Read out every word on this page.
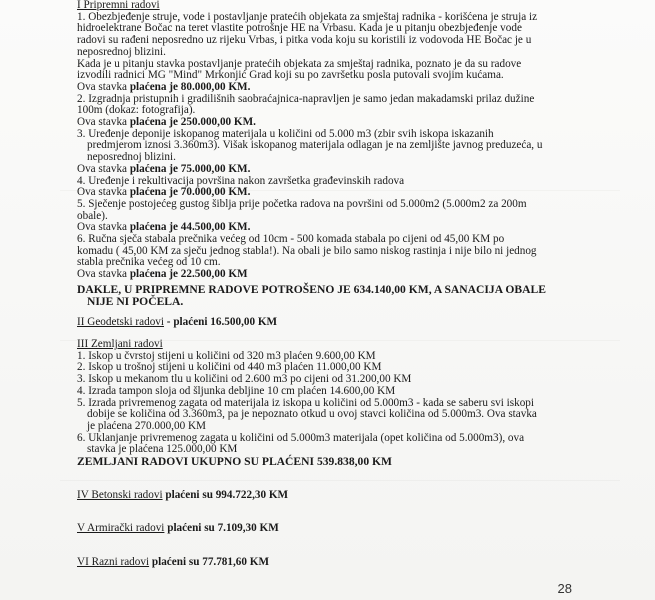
I Pripremni radovi
1. Obezbjeđenje struje, vode i postavljanje pratećih objekata za smještaj radnika - korišćena je struja iz
hidroelektrane Bočac na teret vlastite potrošnje HE na Vrbasu. Kada je u pitanju obezbjeđenje vode
radovi su rađeni neposredno uz rijeku Vrbas, i pitka voda koju su koristili iz vodovoda HE Bočac je u
neposrednoj blizini.
Kada je u pitanju stavka postavljanje pratećih objekata za smještaj radnika, poznato je da su radove
izvodili radnici MG "Mind" Mrkonjić Grad koji su po završetku posla putovali svojim kućama.
Ova stavka plaćena je 80.000,00 KM.
2. Izgradnja pristupnih i gradilišnih saobraćajnica-napravljen je samo jedan makadamski prilaz dužine
100m (dokaz: fotografija).
Ova stavka plaćena je 250.000,00 KM.
3. Uređenje deponije iskopanog materijala u količini od 5.000 m3 (zbir svih iskopa iskazanih
predmjerom iznosi 3.360m3). Višak iskopanog materijala odlagan je na zemljište javnog preduzeća, u
neposrednoj blizini.
Ova stavka plaćena je 75.000,00 KM.
4. Uređenje i rekultivacija površina nakon završetka građevinskih radova
Ova stavka plaćena je 70.000,00 KM.
5. Sječenje postojećeg gustog šiblja prije početka radova na površini od 5.000m2 (5.000m2 za 200m
obale).
Ova stavka plaćena je 44.500,00 KM.
6. Ručna sječa stabala prečnika većeg od 10cm - 500 komada stabala po cijeni od 45,00 KM po
komadu ( 45,00 KM za sječu jednog stabla!). Na obali je bilo samo niskog rastinja i nije bilo ni jednog
stabla prečnika većeg od 10 cm.
Ova stavka plaćena je 22.500,00 KM
DAKLE, U PRIPREMNE RADOVE POTROŠENO JE 634.140,00 KM, A SANACIJA OBALE
NIJE NI POČELA.
II Geodetski radovi - plaćeni 16.500,00 KM
III Zemljani radovi
1. Iskop u čvrstoj stijeni u količini od 320 m3 plaćen 9.600,00 KM
2. Iskop u trošnoj stijeni u količini od 440 m3 plaćen 11.000,00 KM
3. Iskop u mekanom tlu u količini od 2.600 m3 po cijeni od 31.200,00 KM
4. Izrada tampon sloja od šljunka debljine 10 cm plaćen 14.600,00 KM
5. Izrada privremenog zagata od materijala iz iskopa u količini od 5.000m3 - kada se saberu svi iskopi
dobije se količina od 3.360m3, pa je nepoznato otkud u ovoj stavci količina od 5.000m3. Ova stavka
je plaćena 270.000,00 KM
6. Uklanjanje privremenog zagata u količini od 5.000m3 materijala (opet količina od 5.000m3), ova
stavka je plaćena 125.000,00 KM
ZEMLJANI RADOVI UKUPNO SU PLAĆENI 539.838,00 KM
IV Betonski radovi plaćeni su 994.722,30 KM
V Armirački radovi plaćeni su 7.109,30 KM
VI Razni radovi plaćeni su 77.781,60 KM
28
